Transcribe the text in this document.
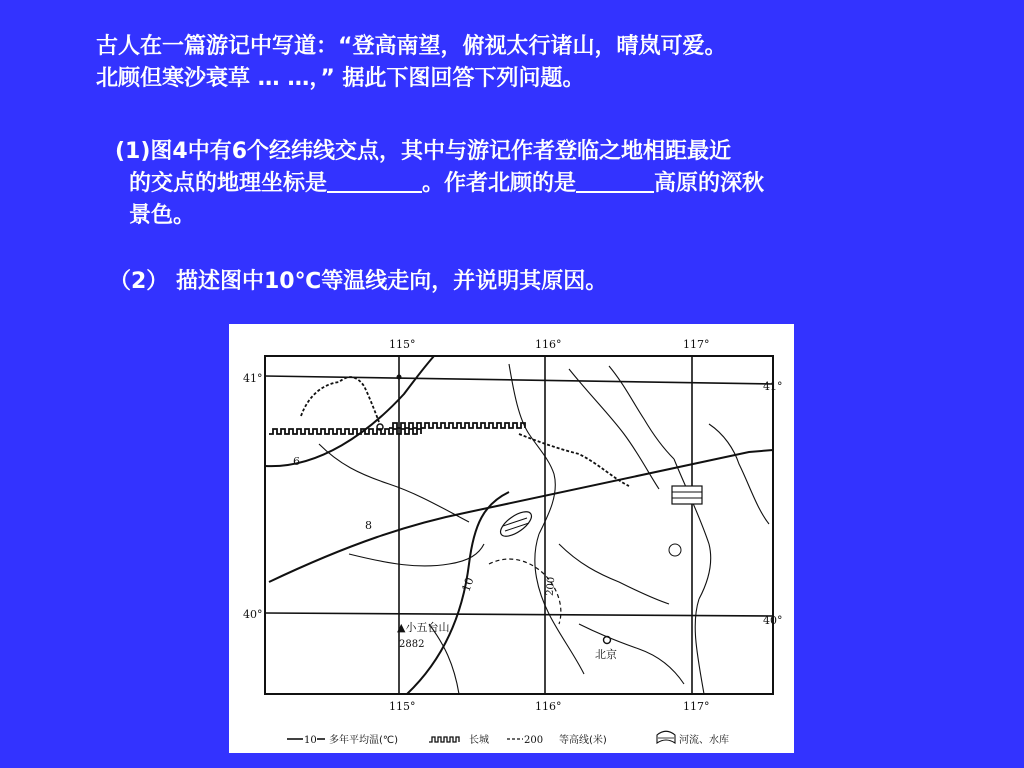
古人在一篇游记中写道：“登高南望，俯视太行诸山，晴岚可爱。
北顾但寒沙衰草 … …，” 据此下图回答下列问题。
(1)图4中有6个经纬线交点，其中与游记作者登临之地相距最近
的交点的地理坐标是	。作者北顾的是	高原的深秋
景色。
（2） 描述图中10℃等温线走向，并说明其原因。
115°	116°	117°
115°	116°	117°
41°
41°
40°	40°
6
8
10	200
▲小五台山
2882
北京
10 多年平均温(℃)	长城	200 等高线(米)	河流、水库
